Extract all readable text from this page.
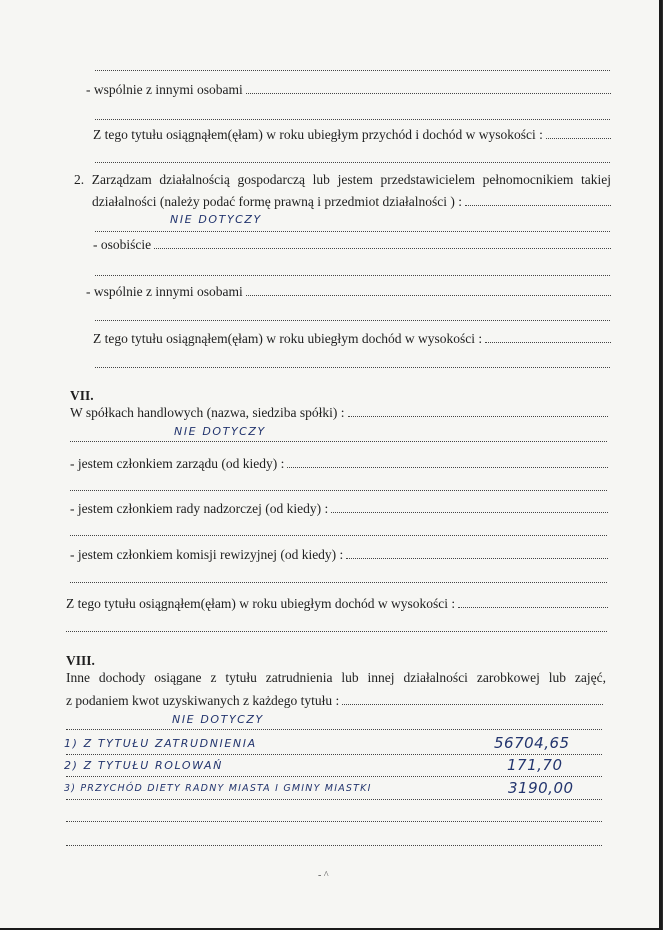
- wspólnie z innymi osobami
Z tego tytułu osiągnąłem(ęłam) w roku ubiegłym przychód i dochód w wysokości :
2. Zarządzam działalnością gospodarczą lub jestem przedstawicielem pełnomocnikiem takiej
działalności (należy podać formę prawną i przedmiot działalności ) :
NIE DOTYCZY
- osobiście
- wspólnie z innymi osobami
Z tego tytułu osiągnąłem(ęłam) w roku ubiegłym dochód w wysokości :
VII.
W spółkach handlowych (nazwa, siedziba spółki) :
NIE DOTYCZY
- jestem członkiem zarządu (od kiedy) :
- jestem członkiem rady nadzorczej (od kiedy) :
- jestem członkiem komisji rewizyjnej (od kiedy) :
Z tego tytułu osiągnąłem(ęłam) w roku ubiegłym dochód w wysokości :
VIII.
Inne dochody osiągane z tytułu zatrudnienia lub innej działalności zarobkowej lub zajęć,
z podaniem kwot uzyskiwanych z każdego tytułu :
NIE DOTYCZY
1) Z TYTUŁU ZATRUDNIENIA	56704,65
2) Z TYTUŁU ROLOWAŃ	171,70
3) PRZYCHÓD DIETY RADNY MIASTA I GMINY MIASTKI	3190,00
- ^
